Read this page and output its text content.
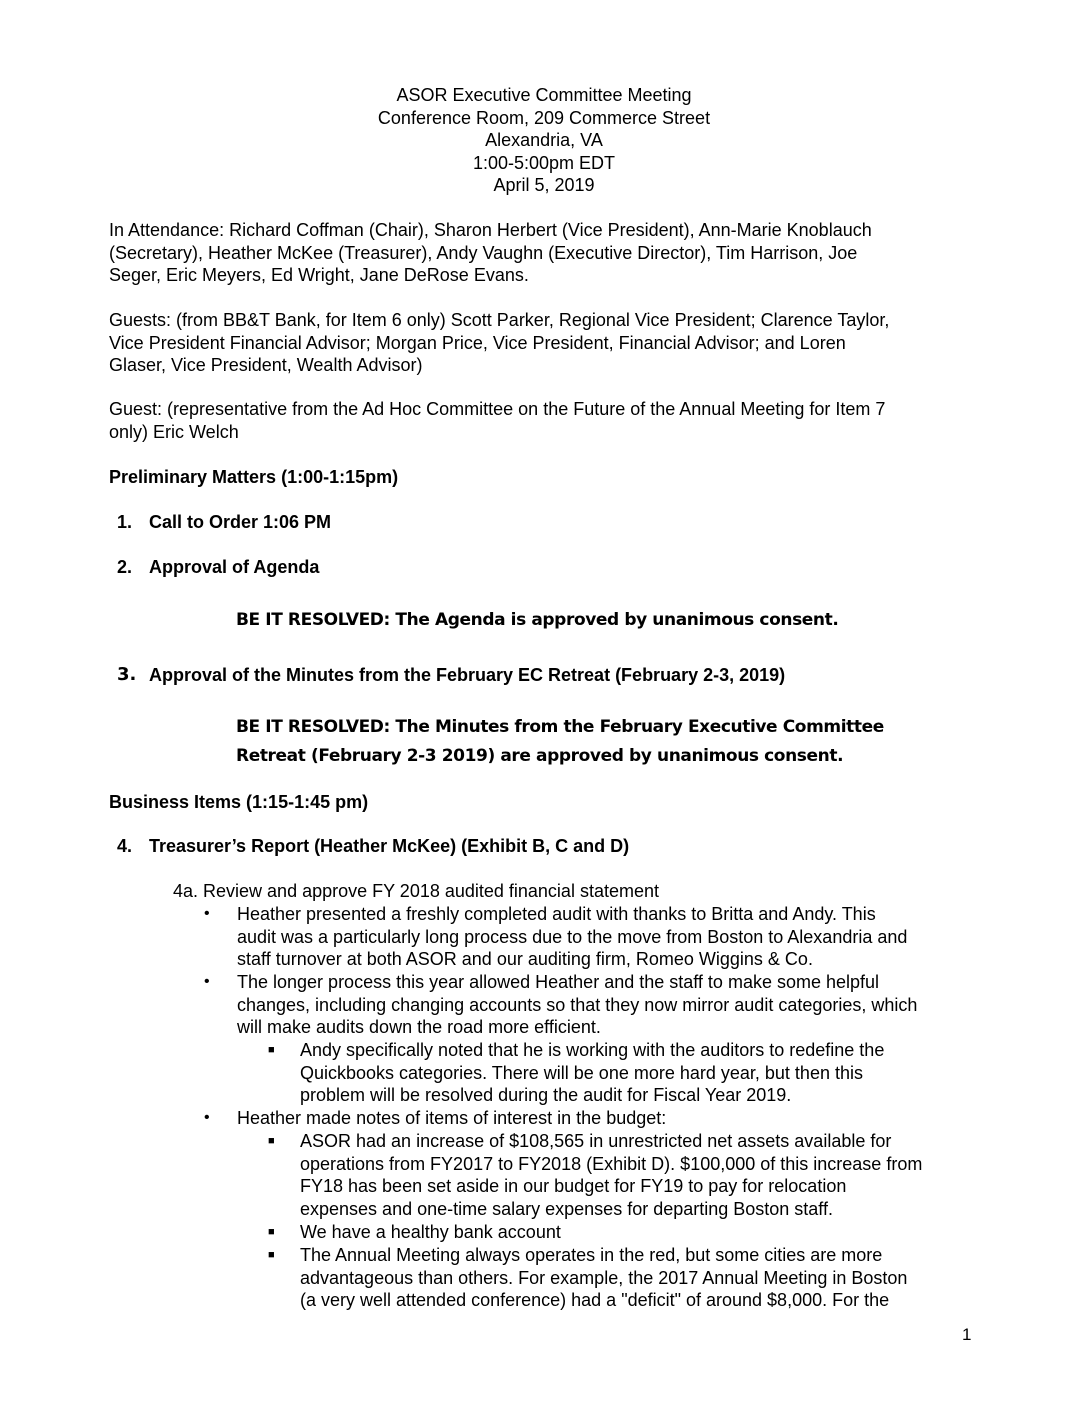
ASOR Executive Committee Meeting
Conference Room, 209 Commerce Street
Alexandria, VA
1:00-5:00pm EDT
April 5, 2019
In Attendance: Richard Coffman (Chair), Sharon Herbert (Vice President), Ann-Marie Knoblauch
(Secretary), Heather McKee (Treasurer), Andy Vaughn (Executive Director), Tim Harrison, Joe
Seger, Eric Meyers, Ed Wright, Jane DeRose Evans.
Guests: (from BB&T Bank, for Item 6 only) Scott Parker, Regional Vice President; Clarence Taylor,
Vice President Financial Advisor; Morgan Price, Vice President, Financial Advisor; and Loren
Glaser, Vice President, Wealth Advisor)
Guest: (representative from the Ad Hoc Committee on the Future of the Annual Meeting for Item 7
only) Eric Welch
Preliminary Matters (1:00-1:15pm)
1. Call to Order 1:06 PM
2. Approval of Agenda
BE IT RESOLVED: The Agenda is approved by unanimous consent.
3. Approval of the Minutes from the February EC Retreat (February 2-3, 2019)
BE IT RESOLVED: The Minutes from the February Executive Committee
Retreat (February 2-3 2019) are approved by unanimous consent.
Business Items (1:15-1:45 pm)
4. Treasurer’s Report (Heather McKee) (Exhibit B, C and D)
4a. Review and approve FY 2018 audited financial statement
• Heather presented a freshly completed audit with thanks to Britta and Andy. This
audit was a particularly long process due to the move from Boston to Alexandria and
staff turnover at both ASOR and our auditing firm, Romeo Wiggins & Co.
• The longer process this year allowed Heather and the staff to make some helpful
changes, including changing accounts so that they now mirror audit categories, which
will make audits down the road more efficient.
■ Andy specifically noted that he is working with the auditors to redefine the
Quickbooks categories. There will be one more hard year, but then this
problem will be resolved during the audit for Fiscal Year 2019.
• Heather made notes of items of interest in the budget:
■ ASOR had an increase of $108,565 in unrestricted net assets available for
operations from FY2017 to FY2018 (Exhibit D). $100,000 of this increase from
FY18 has been set aside in our budget for FY19 to pay for relocation
expenses and one-time salary expenses for departing Boston staff.
■ We have a healthy bank account
■ The Annual Meeting always operates in the red, but some cities are more
advantageous than others. For example, the 2017 Annual Meeting in Boston
(a very well attended conference) had a "deficit" of around $8,000. For the
1
